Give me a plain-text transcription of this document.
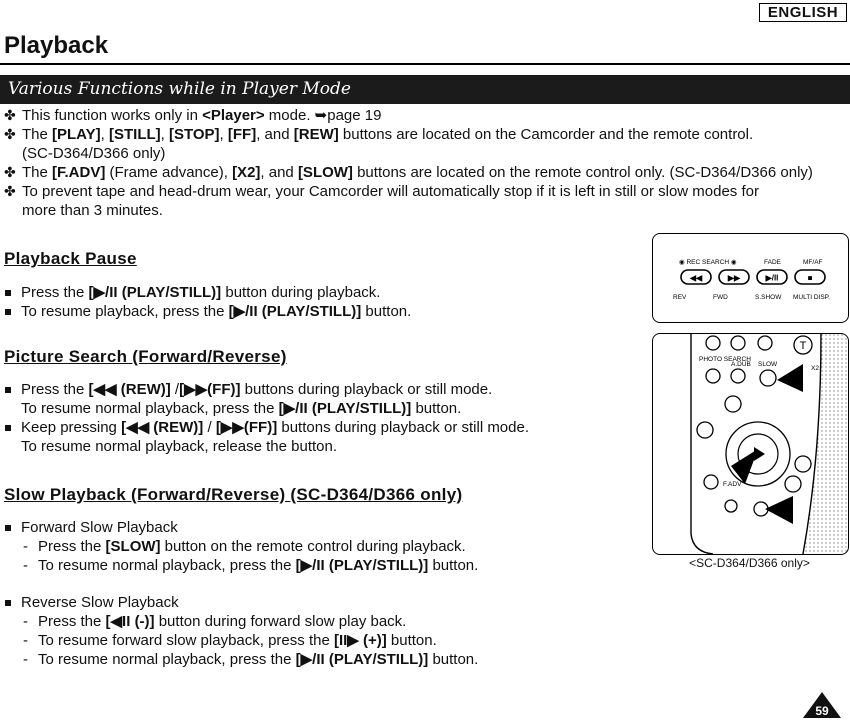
ENGLISH
Playback
Various Functions while in Player Mode
✤ This function works only in <Player> mode. ➥page 19
✤ The [PLAY], [STILL], [STOP], [FF], and [REW] buttons are located on the Camcorder and the remote control.
(SC-D364/D366 only)
✤ The [F.ADV] (Frame advance), [X2], and [SLOW] buttons are located on the remote control only. (SC-D364/D366 only)
✤ To prevent tape and head-drum wear, your Camcorder will automatically stop if it is left in still or slow modes for
more than 3 minutes.
Playback Pause
Press the [▶/II (PLAY/STILL)] button during playback.
To resume playback, press the [▶/II (PLAY/STILL)] button.
Picture Search (Forward/Reverse)
Press the [◀◀ (REW)] /[▶▶(FF)] buttons during playback or still mode.
To resume normal playback, press the [▶/II (PLAY/STILL)] button.
Keep pressing [◀◀ (REW)] / [▶▶(FF)] buttons during playback or still mode.
To resume normal playback, release the button.
Slow Playback (Forward/Reverse) (SC-D364/D366 only)
Forward Slow Playback
- Press the [SLOW] button on the remote control during playback.
- To resume normal playback, press the [▶/II (PLAY/STILL)] button.
Reverse Slow Playback
- Press the [◀II (-)] button during forward slow play back.
- To resume forward slow playback, press the [II▶ (+)] button.
- To resume normal playback, press the [▶/II (PLAY/STILL)] button.
◉ REC SEARCH ◉	FADE	MF/AF
◀◀	▶▶	▶/II	■
REV	FWD	S.SHOW MULTI DISP.
T
PHOTO SEARCH
A.DUB SLOW
X2
F.ADV
<SC-D364/D366 only>
59
